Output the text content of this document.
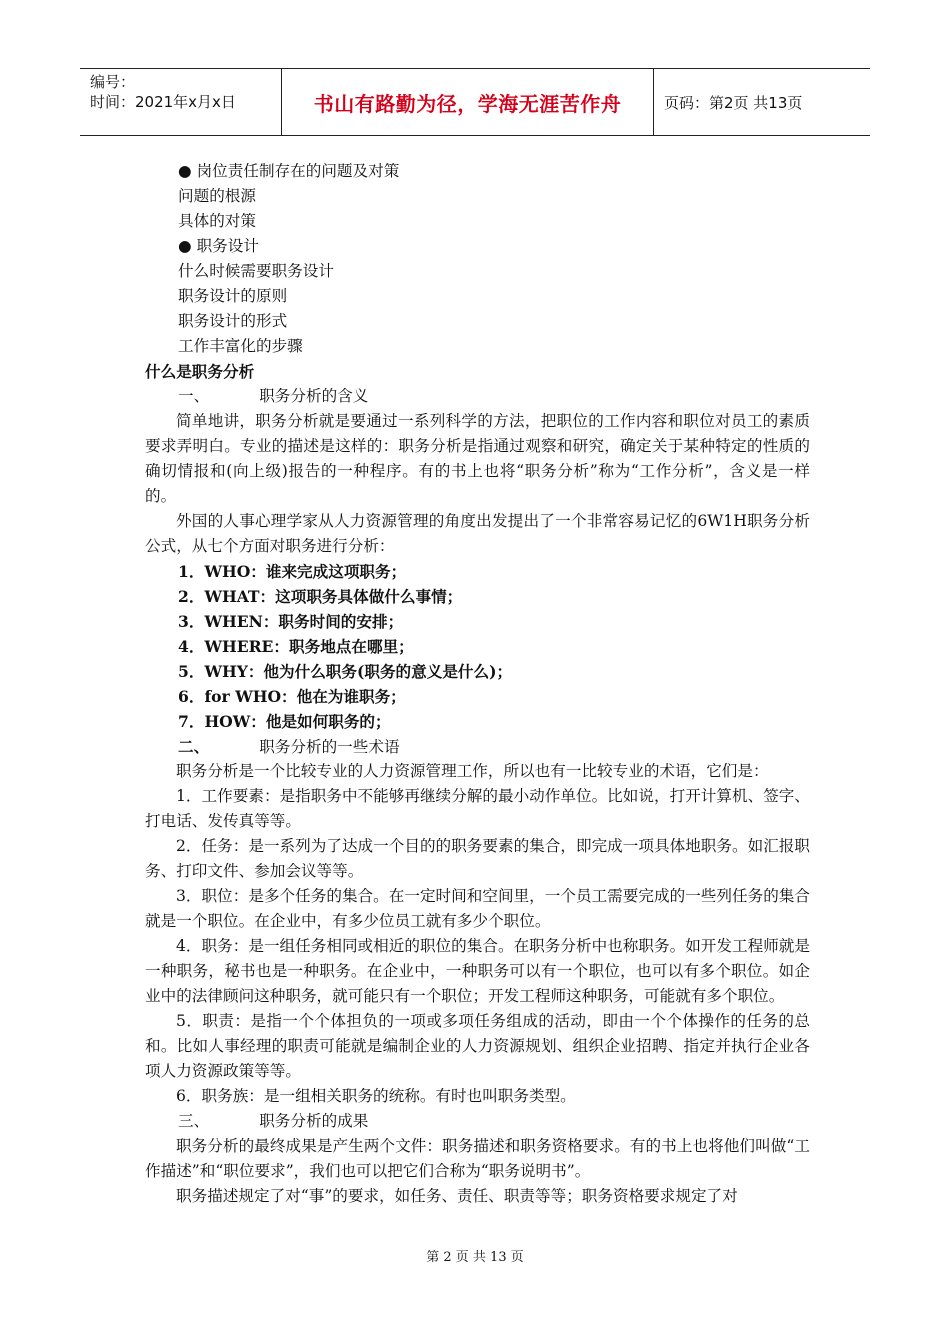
编号：
时间：2021年x月x日	书山有路勤为径，学海无涯苦作舟	页码：第2页 共13页
● 岗位责任制存在的问题及对策
问题的根源
具体的对策
● 职务设计
什么时候需要职务设计
职务设计的原则
职务设计的形式
工作丰富化的步骤
什么是职务分析
一、	职务分析的含义
简单地讲，职务分析就是要通过一系列科学的方法，把职位的工作内容和职位对员工的素质要求弄明白。专业的描述是这样的：职务分析是指通过观察和研究，确定关于某种特定的性质的确切情报和(向上级)报告的一种程序。有的书上也将“职务分析”称为“工作分析”，含义是一样的。
外国的人事心理学家从人力资源管理的角度出发提出了一个非常容易记忆的6W1H职务分析公式，从七个方面对职务进行分析：
1．WHO：谁来完成这项职务；
2．WHAT：这项职务具体做什么事情；
3．WHEN：职务时间的安排；
4．WHERE：职务地点在哪里；
5．WHY：他为什么职务(职务的意义是什么)；
6．for WHO：他在为谁职务；
7．HOW：他是如何职务的；
二、	职务分析的一些术语
职务分析是一个比较专业的人力资源管理工作，所以也有一比较专业的术语，它们是：
1．工作要素：是指职务中不能够再继续分解的最小动作单位。比如说，打开计算机、签字、打电话、发传真等等。
2．任务：是一系列为了达成一个目的的职务要素的集合，即完成一项具体地职务。如汇报职务、打印文件、参加会议等等。
3．职位：是多个任务的集合。在一定时间和空间里，一个员工需要完成的一些列任务的集合就是一个职位。在企业中，有多少位员工就有多少个职位。
4．职务：是一组任务相同或相近的职位的集合。在职务分析中也称职务。如开发工程师就是一种职务，秘书也是一种职务。在企业中，一种职务可以有一个职位，也可以有多个职位。如企业中的法律顾问这种职务，就可能只有一个职位；开发工程师这种职务，可能就有多个职位。
5．职责：是指一个个体担负的一项或多项任务组成的活动，即由一个个体操作的任务的总和。比如人事经理的职责可能就是编制企业的人力资源规划、组织企业招聘、指定并执行企业各项人力资源政策等等。
6．职务族：是一组相关职务的统称。有时也叫职务类型。
三、	职务分析的成果
职务分析的最终成果是产生两个文件：职务描述和职务资格要求。有的书上也将他们叫做“工作描述”和“职位要求”，我们也可以把它们合称为“职务说明书”。
职务描述规定了对“事”的要求，如任务、责任、职责等等；职务资格要求规定了对
第 2 页 共 13 页
